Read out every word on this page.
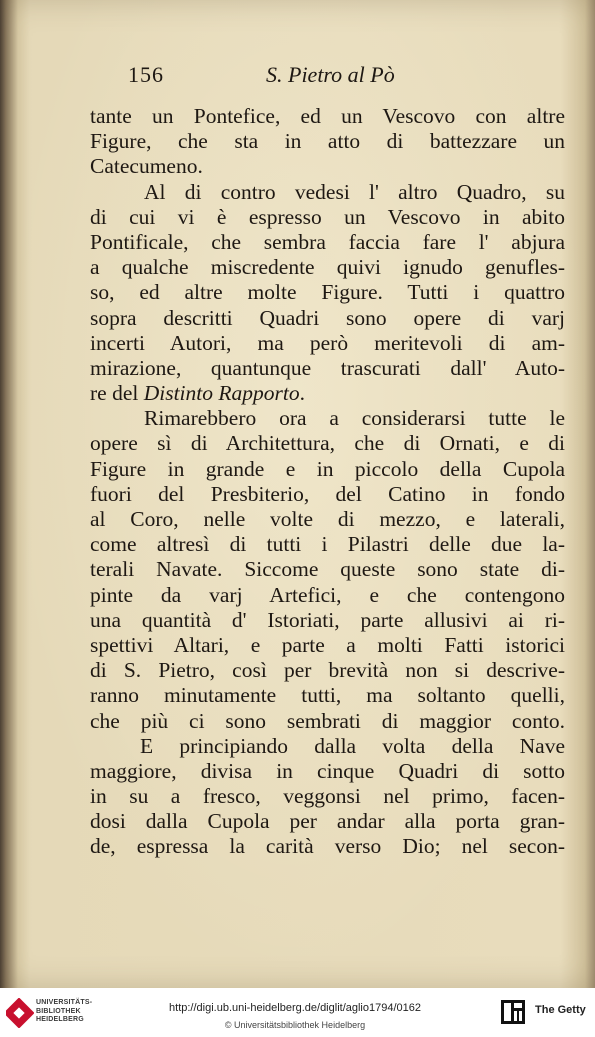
156	S. Pietro al Pò
tante un Pontefice, ed un Vescovo con altre
Figure, che sta in atto di battezzare un
Catecumeno.
Al di contro vedesi l' altro Quadro, su
di cui vi è espresso un Vescovo in abito
Pontificale, che sembra faccia fare l' abjura
a qualche miscredente quivi ignudo genufles-
so, ed altre molte Figure. Tutti i quattro
sopra descritti Quadri sono opere di varj
incerti Autori, ma però meritevoli di am-
mirazione, quantunque trascurati dall' Auto-
re del Distinto Rapporto.
Rimarebbero ora a considerarsi tutte le
opere sì di Architettura, che di Ornati, e di
Figure in grande e in piccolo della Cupola
fuori del Presbiterio, del Catino in fondo
al Coro, nelle volte di mezzo, e laterali,
come altresì di tutti i Pilastri delle due la-
terali Navate. Siccome queste sono state di-
pinte da varj Artefici, e che contengono
una quantità d' Istoriati, parte allusivi ai ri-
spettivi Altari, e parte a molti Fatti istorici
di S. Pietro, così per brevità non si descrive-
ranno minutamente tutti, ma soltanto quelli,
che più ci sono sembrati di maggior conto.
E principiando dalla volta della Nave
maggiore, divisa in cinque Quadri di sotto
in su a fresco, veggonsi nel primo, facen-
dosi dalla Cupola per andar alla porta gran-
de, espressa la carità verso Dio; nel secon-
UNIVERSITÄTS-
BIBLIOTHEK
HEIDELBERG
http://digi.ub.uni-heidelberg.de/diglit/aglio1794/0162
© Universitätsbibliothek Heidelberg
The Getty
